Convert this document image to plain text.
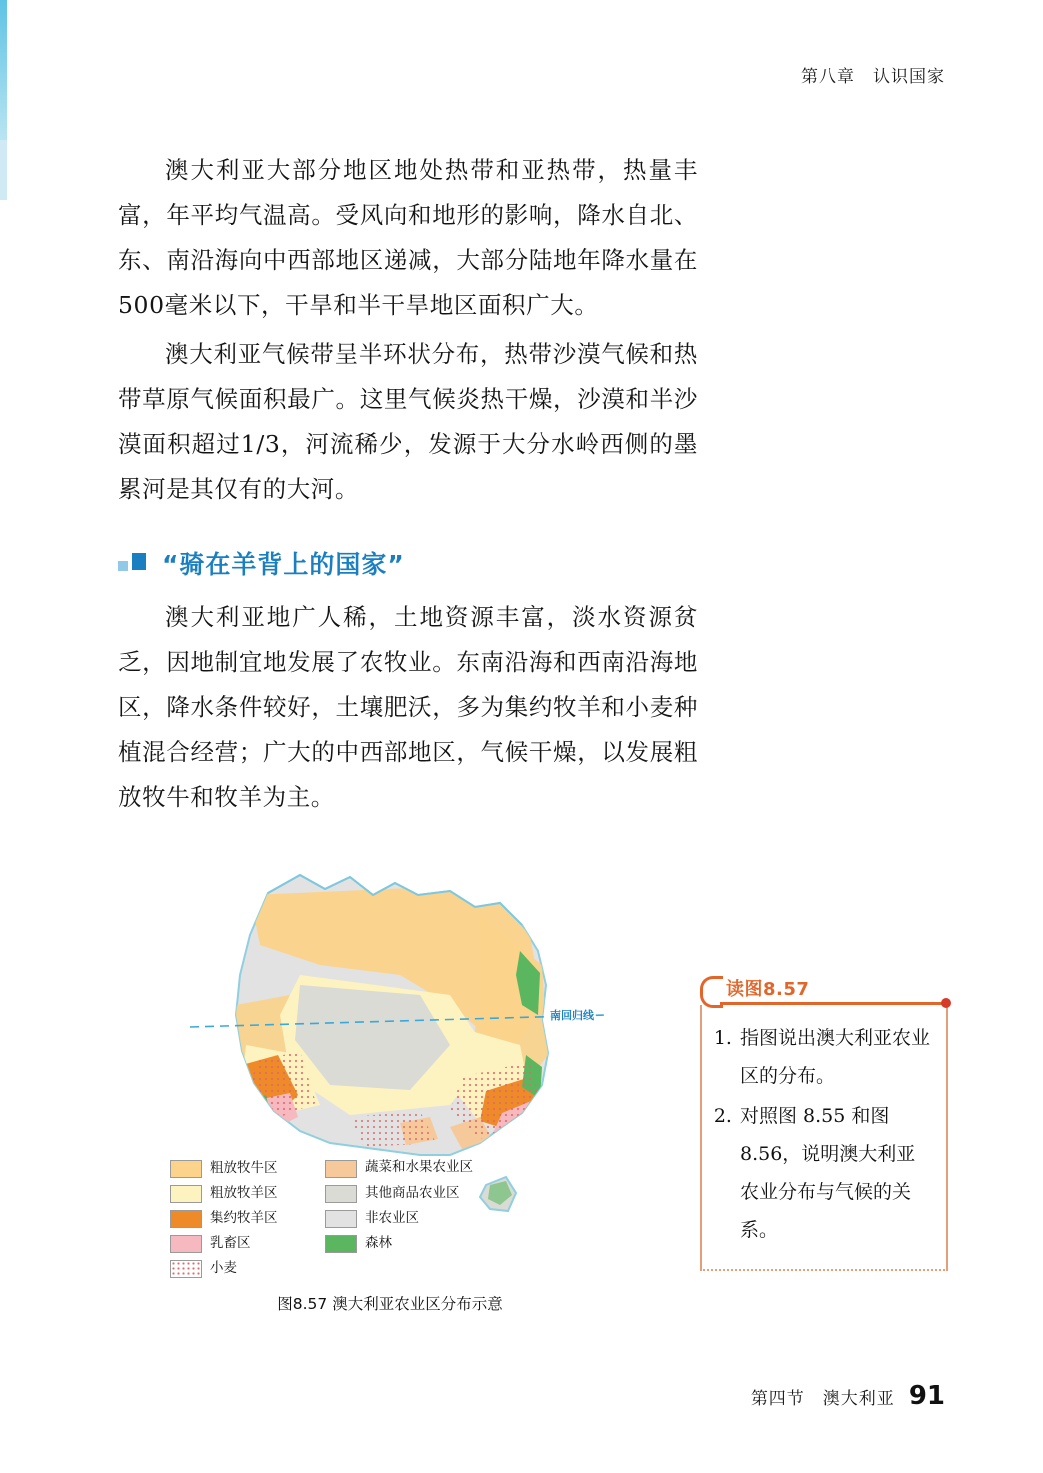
第八章　认识国家

澳大利亚大部分地区地处热带和亚热带，热量丰富，年平均气温高。受风向和地形的影响，降水自北、东、南沿海向中西部地区递减，大部分陆地年降水量在500毫米以下，干旱和半干旱地区面积广大。

澳大利亚气候带呈半环状分布，热带沙漠气候和热带草原气候面积最广。这里气候炎热干燥，沙漠和半沙漠面积超过1/3，河流稀少，发源于大分水岭西侧的墨累河是其仅有的大河。

“骑在羊背上的国家”

澳大利亚地广人稀，土地资源丰富，淡水资源贫乏，因地制宜地发展了农牧业。东南沿海和西南沿海地区，降水条件较好，土壤肥沃，多为集约牧羊和小麦种植混合经营；广大的中西部地区，气候干燥，以发展粗放牧牛和牧羊为主。

南回归线
粗放牧牛区
粗放牧羊区
集约牧羊区
乳畜区
小麦
蔬菜和水果农业区
其他商品农业区
非农业区
森林
图8.57 澳大利亚农业区分布示意
读图8.57
1. 指图说出澳大利亚农业区的分布。
2. 对照图 8.55 和图 8.56，说明澳大利亚农业分布与气候的关系。
第四节　澳大利亚 91
